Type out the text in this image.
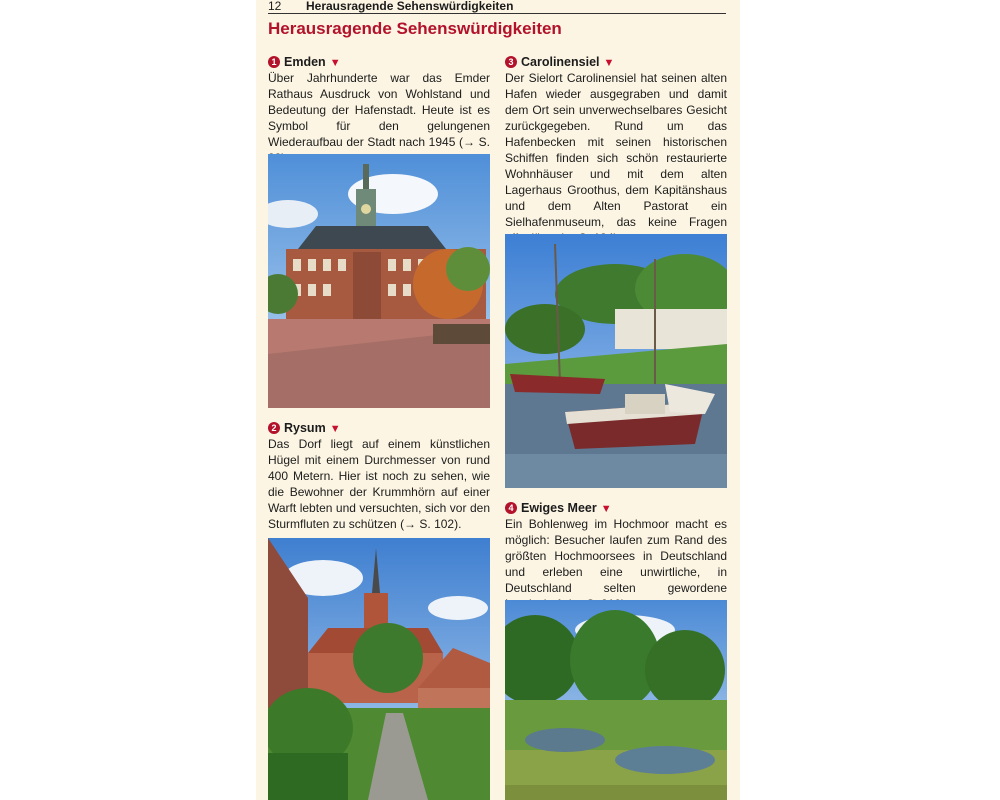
12 Herausragende Sehenswürdigkeiten
Herausragende Sehenswürdigkeiten
1 Emden ▼
Über Jahrhunderte war das Emder Rathaus Ausdruck von Wohlstand und Bedeutung der Hafenstadt. Heute ist es Symbol für den gelungenen Wiederaufbau der Stadt nach 1945 (→ S.
2 Rysum ▼
Das Dorf liegt auf einem künstlichen Hügel mit einem Durchmesser von rund 400 Metern. Hier ist noch zu sehen, wie die Bewohner der Krummhörn auf einer Warft lebten und versuchten, sich vor den Sturmfluten zu schützen (→ S. 102).
3 Carolinensiel ▼
Der Sielort Carolinensiel hat seinen alten Hafen wieder ausgegraben und damit dem Ort sein unverwechselbares Gesicht zurückgegeben. Rund um das Hafenbecken mit seinen historischen Schiffen finden sich schön restaurierte Wohnhäuser und mit dem alten Lagerhaus Groothus, dem Kapitänshaus und dem Alten Pastorat ein Sielhafenmuseum, das keine Fragen
4 Ewiges Meer ▼
Ein Bohlenweg im Hochmoor macht es möglich: Besucher laufen zum Rand des größten Hochmoorsees in Deutschland und erleben eine unwirtliche, in Deutschland selten gewordene
